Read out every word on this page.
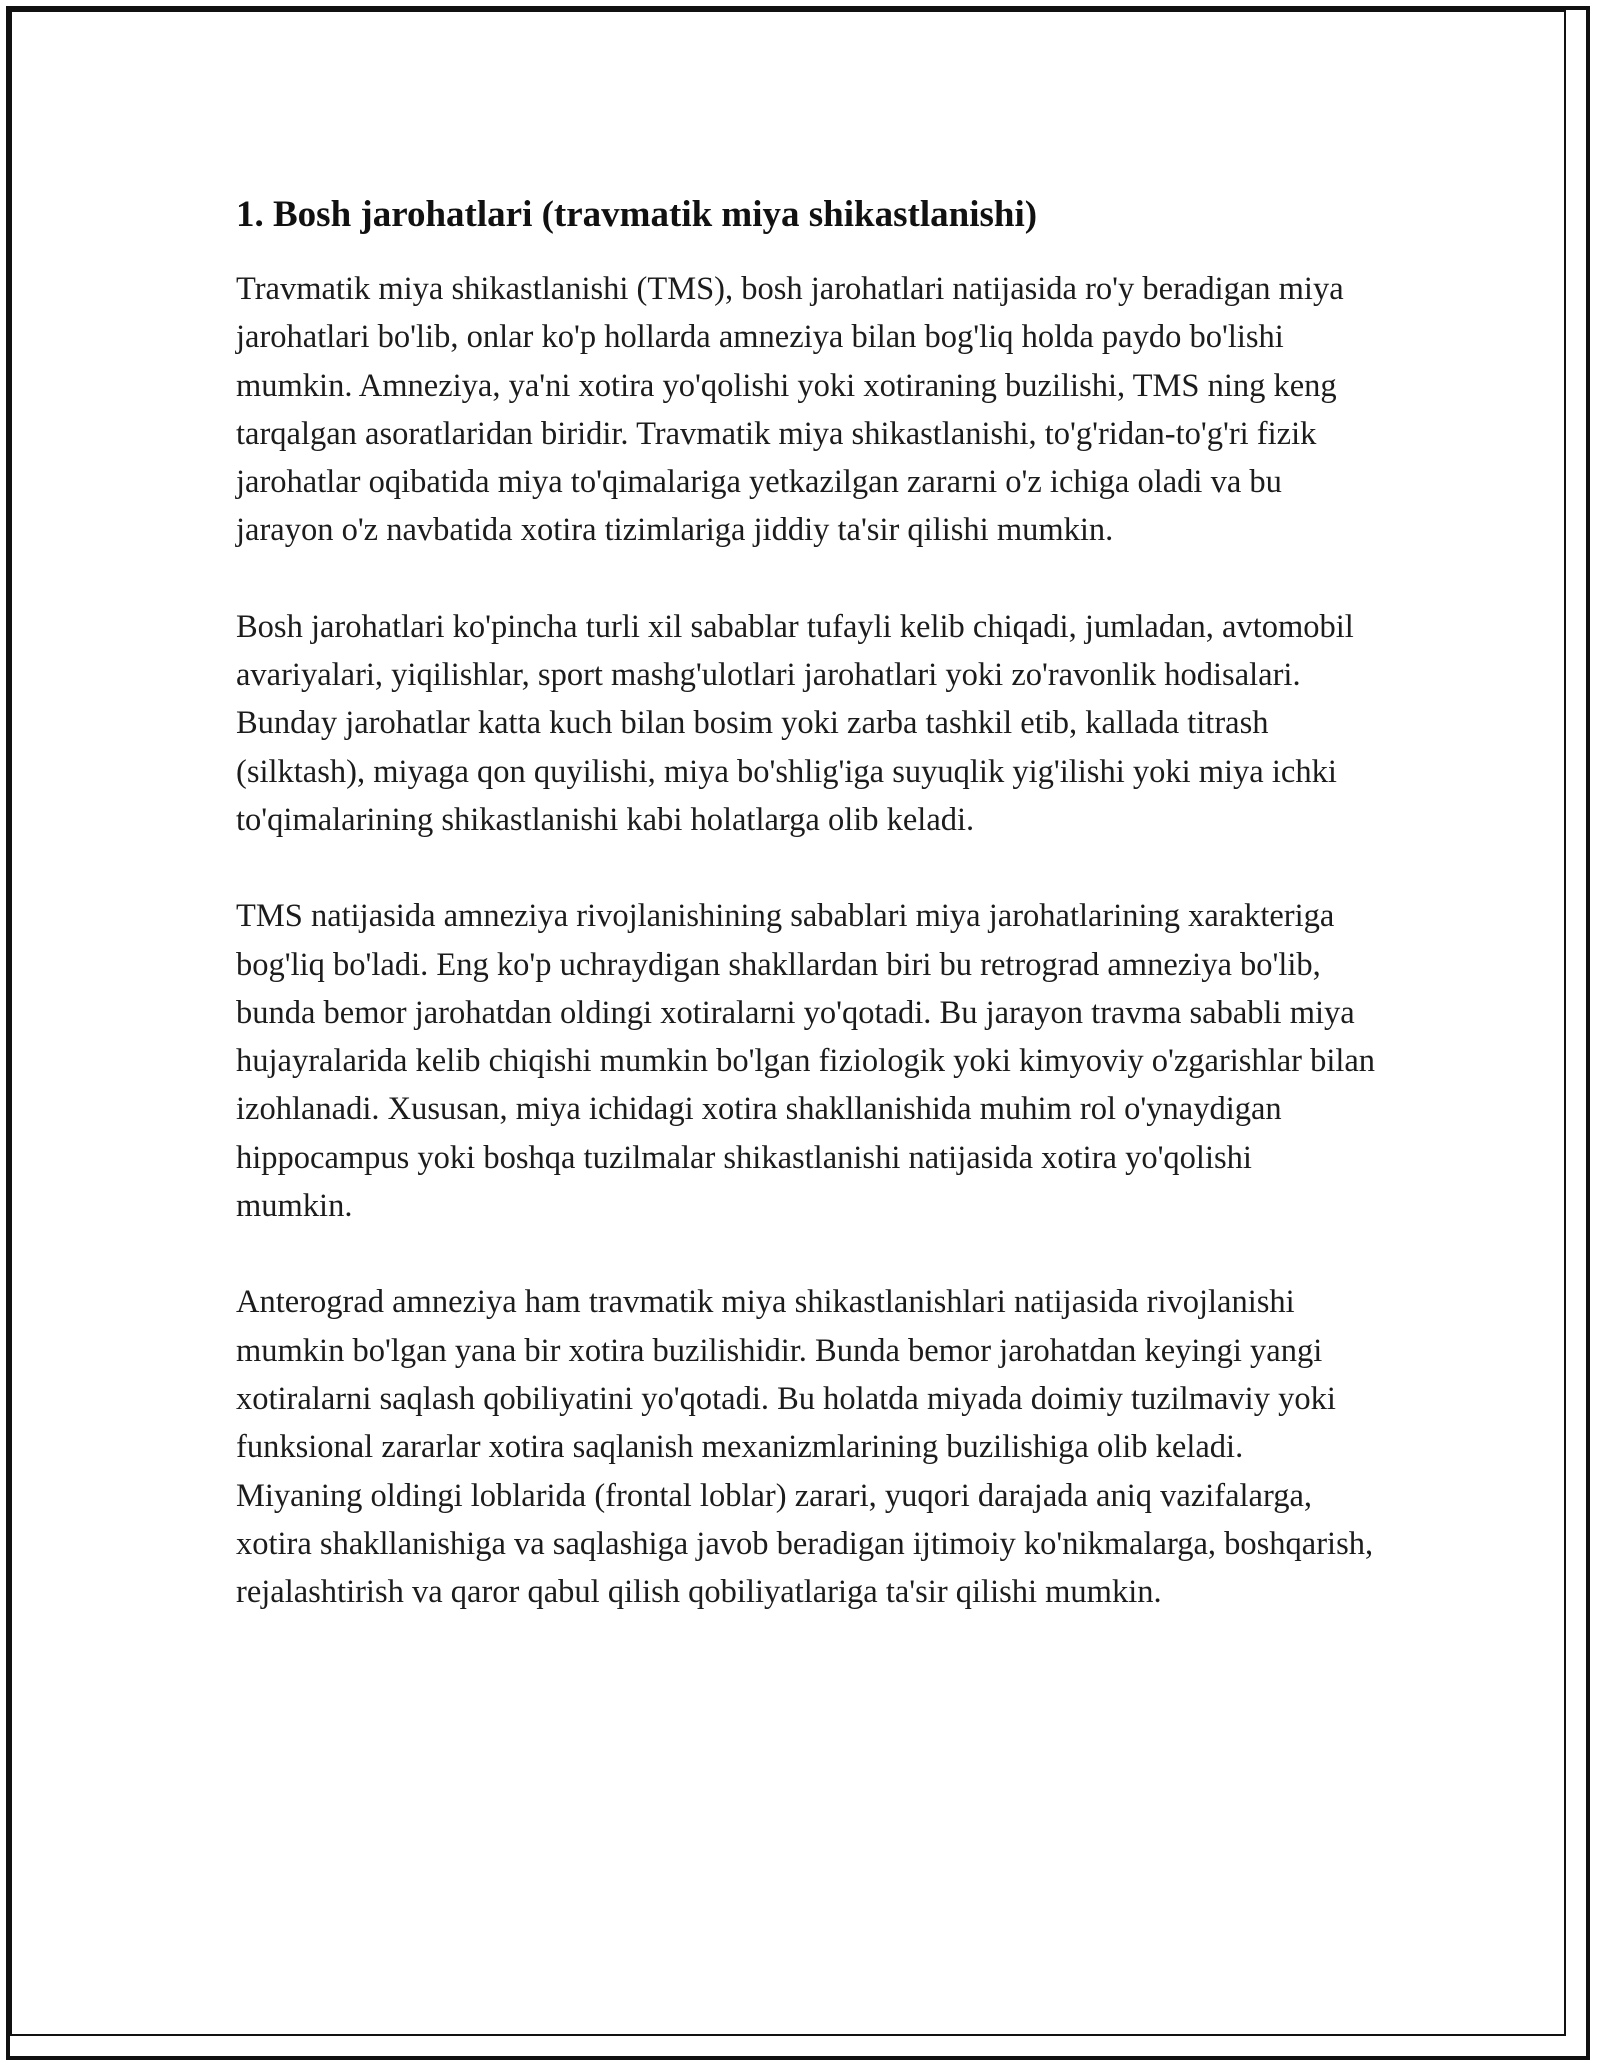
1. Bosh jarohatlari (travmatik miya shikastlanishi)

Travmatik miya shikastlanishi (TMS), bosh jarohatlari natijasida ro'y beradigan miya jarohatlari bo'lib, onlar ko'p hollarda amneziya bilan bog'liq holda paydo bo'lishi mumkin. Amneziya, ya'ni xotira yo'qolishi yoki xotiraning buzilishi, TMS ning keng tarqalgan asoratlaridan biridir. Travmatik miya shikastlanishi, to'g'ridan-to'g'ri fizik jarohatlar oqibatida miya to'qimalariga yetkazilgan zararni o'z ichiga oladi va bu jarayon o'z navbatida xotira tizimlariga jiddiy ta'sir qilishi mumkin.

Bosh jarohatlari ko'pincha turli xil sabablar tufayli kelib chiqadi, jumladan, avtomobil avariyalari, yiqilishlar, sport mashg'ulotlari jarohatlari yoki zo'ravonlik hodisalari. Bunday jarohatlar katta kuch bilan bosim yoki zarba tashkil etib, kallada titrash (silktash), miyaga qon quyilishi, miya bo'shlig'iga suyuqlik yig'ilishi yoki miya ichki to'qimalarining shikastlanishi kabi holatlarga olib keladi.

TMS natijasida amneziya rivojlanishining sabablari miya jarohatlarining xarakteriga bog'liq bo'ladi. Eng ko'p uchraydigan shakllardan biri bu retrograd amneziya bo'lib, bunda bemor jarohatdan oldingi xotiralarni yo'qotadi. Bu jarayon travma sababli miya hujayralarida kelib chiqishi mumkin bo'lgan fiziologik yoki kimyoviy o'zgarishlar bilan izohlanadi. Xususan, miya ichidagi xotira shakllanishida muhim rol o'ynaydigan hippocampus yoki boshqa tuzilmalar shikastlanishi natijasida xotira yo'qolishi mumkin.

Anterograd amneziya ham travmatik miya shikastlanishlari natijasida rivojlanishi mumkin bo'lgan yana bir xotira buzilishidir. Bunda bemor jarohatdan keyingi yangi xotiralarni saqlash qobiliyatini yo'qotadi. Bu holatda miyada doimiy tuzilmaviy yoki funksional zararlar xotira saqlanish mexanizmlarining buzilishiga olib keladi. Miyaning oldingi loblarida (frontal loblar) zarari, yuqori darajada aniq vazifalarga, xotira shakllanishiga va saqlashiga javob beradigan ijtimoiy ko'nikmalarga, boshqarish, rejalashtirish va qaror qabul qilish qobiliyatlariga ta'sir qilishi mumkin.
